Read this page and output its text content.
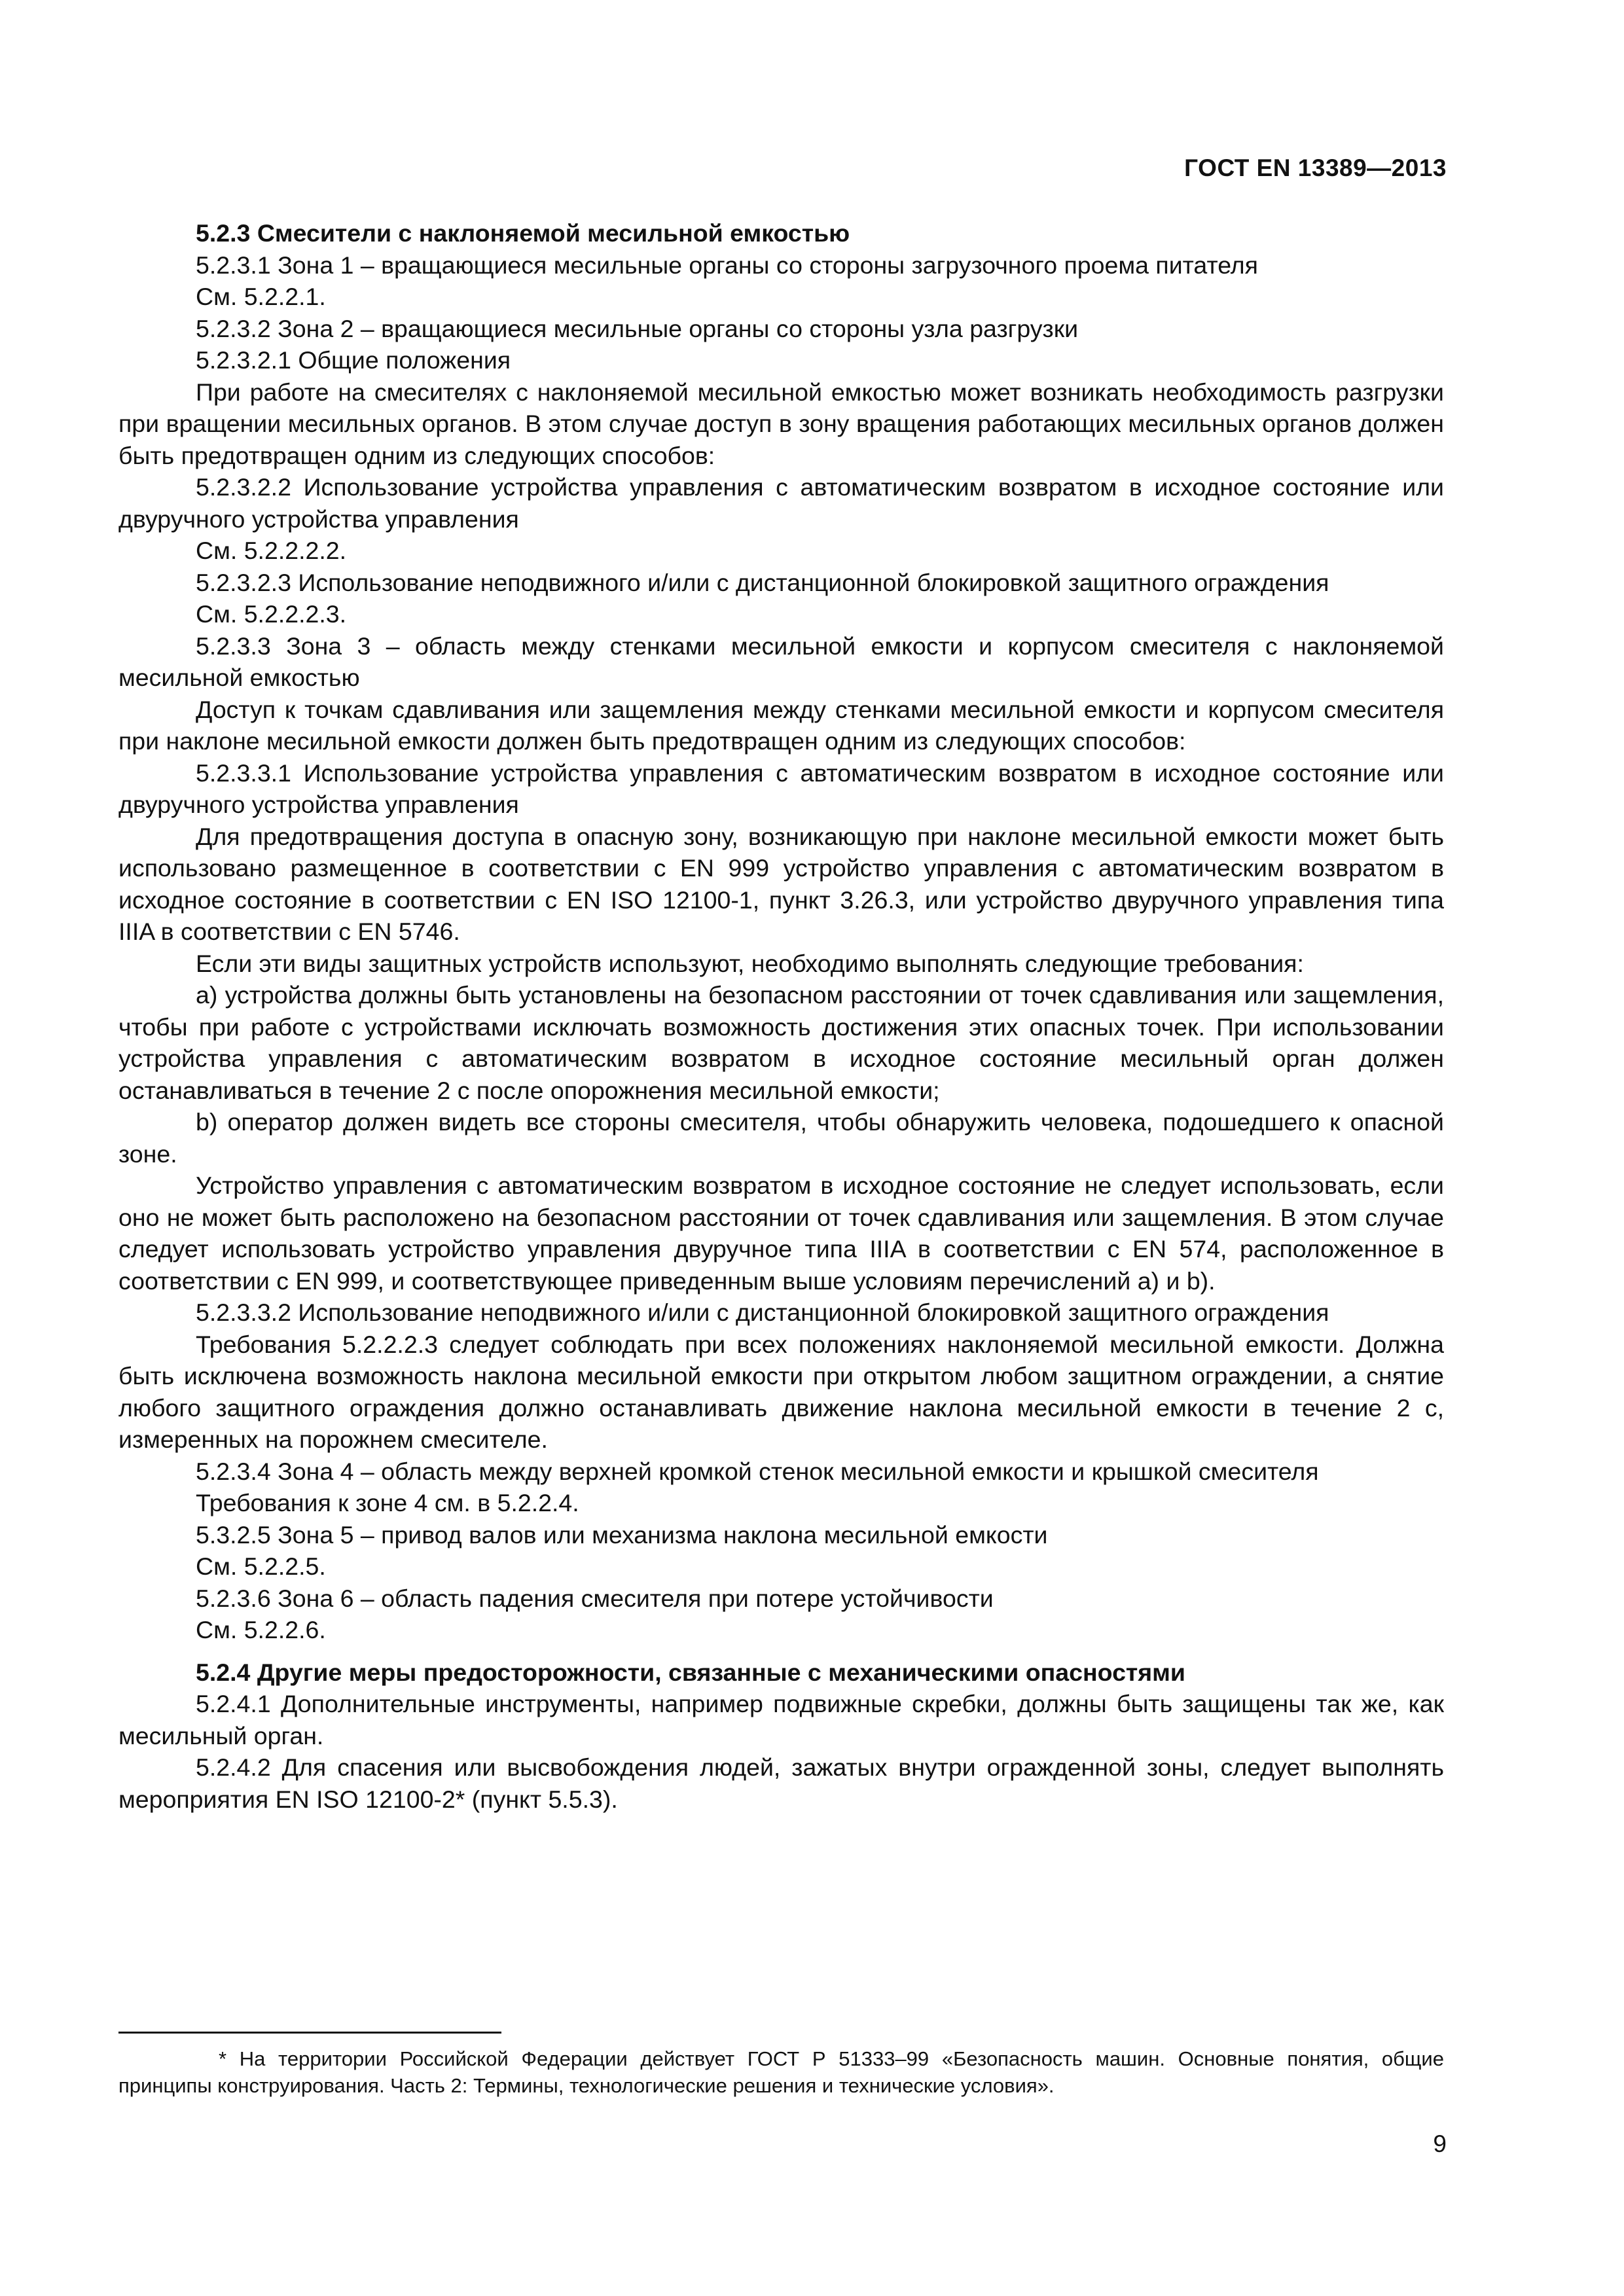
ГОСТ EN 13389—2013

5.2.3 Смесители с наклоняемой месильной емкостью

5.2.3.1 Зона 1 – вращающиеся месильные органы со стороны загрузочного проема питателя

См. 5.2.2.1.

5.2.3.2 Зона 2 – вращающиеся месильные органы со стороны узла разгрузки

5.2.3.2.1 Общие положения

При работе на смесителях с наклоняемой месильной емкостью может возникать необходимость разгрузки при вращении месильных органов. В этом случае доступ в зону вращения работающих месильных органов должен быть предотвращен одним из следующих способов:

5.2.3.2.2 Использование устройства управления с автоматическим возвратом в исходное состояние или двуручного устройства управления

См. 5.2.2.2.2.

5.2.3.2.3 Использование неподвижного и/или с дистанционной блокировкой защитного ограждения

См. 5.2.2.2.3.

5.2.3.3 Зона 3 – область между стенками месильной емкости и корпусом смесителя с наклоняемой месильной емкостью

Доступ к точкам сдавливания или защемления между стенками месильной емкости и корпусом смесителя при наклоне месильной емкости должен быть предотвращен одним из следующих способов:

5.2.3.3.1 Использование устройства управления с автоматическим возвратом в исходное состояние или двуручного устройства управления

Для предотвращения доступа в опасную зону, возникающую при наклоне месильной емкости может быть использовано размещенное в соответствии с EN 999 устройство управления с автоматическим возвратом в исходное состояние в соответствии с EN ISO 12100-1, пункт 3.26.3, или устройство двуручного управления типа IIIA в соответствии с EN 5746.

Если эти виды защитных устройств используют, необходимо выполнять следующие требования:

а) устройства должны быть установлены на безопасном расстоянии от точек сдавливания или защемления, чтобы при работе с устройствами исключать возможность достижения этих опасных точек. При использовании устройства управления с автоматическим возвратом в исходное состояние месильный орган должен останавливаться в течение 2 с после опорожнения месильной емкости;

b) оператор должен видеть все стороны смесителя, чтобы обнаружить человека, подошедшего к опасной зоне.

Устройство управления с автоматическим возвратом в исходное состояние не следует использовать, если оно не может быть расположено на безопасном расстоянии от точек сдавливания или защемления. В этом случае следует использовать устройство управления двуручное типа IIIA в соответствии с EN 574, расположенное в соответствии с EN 999, и соответствующее приведенным выше условиям перечислений а) и b).

5.2.3.3.2 Использование неподвижного и/или с дистанционной блокировкой защитного ограждения

Требования 5.2.2.2.3 следует соблюдать при всех положениях наклоняемой месильной емкости. Должна быть исключена возможность наклона месильной емкости при открытом любом защитном ограждении, а снятие любого защитного ограждения должно останавливать движение наклона месильной емкости в течение 2 с, измеренных на порожнем смесителе.

5.2.3.4 Зона 4 – область между верхней кромкой стенок месильной емкости и крышкой смесителя

Требования к зоне 4 см. в 5.2.2.4.

5.3.2.5 Зона 5 – привод валов или механизма наклона месильной емкости

См. 5.2.2.5.

5.2.3.6 Зона 6 – область падения смесителя при потере устойчивости

См. 5.2.2.6.

5.2.4 Другие меры предосторожности, связанные с механическими опасностями

5.2.4.1 Дополнительные инструменты, например подвижные скребки, должны быть защищены так же, как месильный орган.

5.2.4.2 Для спасения или высвобождения людей, зажатых внутри огражденной зоны, следует выполнять мероприятия EN ISO 12100-2* (пункт 5.5.3).

* На территории Российской Федерации действует ГОСТ Р 51333–99 «Безопасность машин. Основные понятия, общие принципы конструирования. Часть 2: Термины, технологические решения и технические условия».

9
